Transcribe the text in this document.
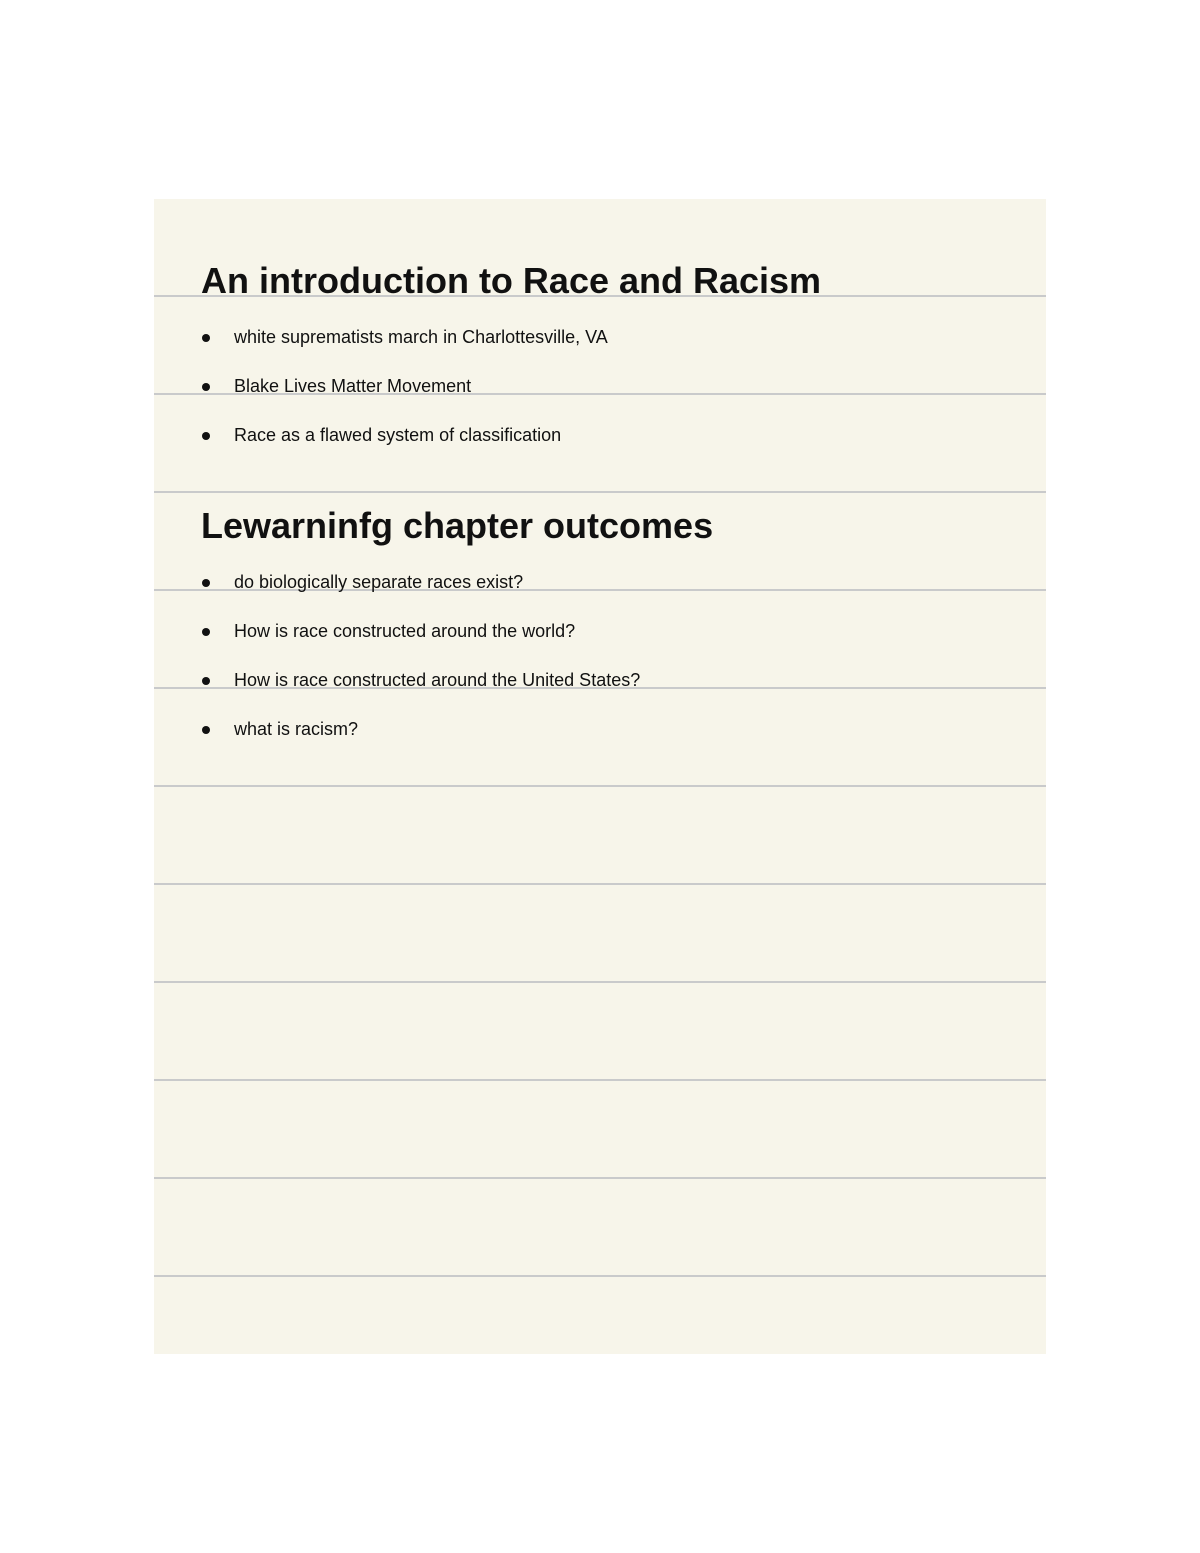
An introduction to Race and Racism
white suprematists march in Charlottesville, VA
Blake Lives Matter Movement
Race as a flawed system of classification
Lewarninfg chapter outcomes
do biologically separate races exist?
How is race constructed around the world?
How is race constructed around the United States?
what is racism?
